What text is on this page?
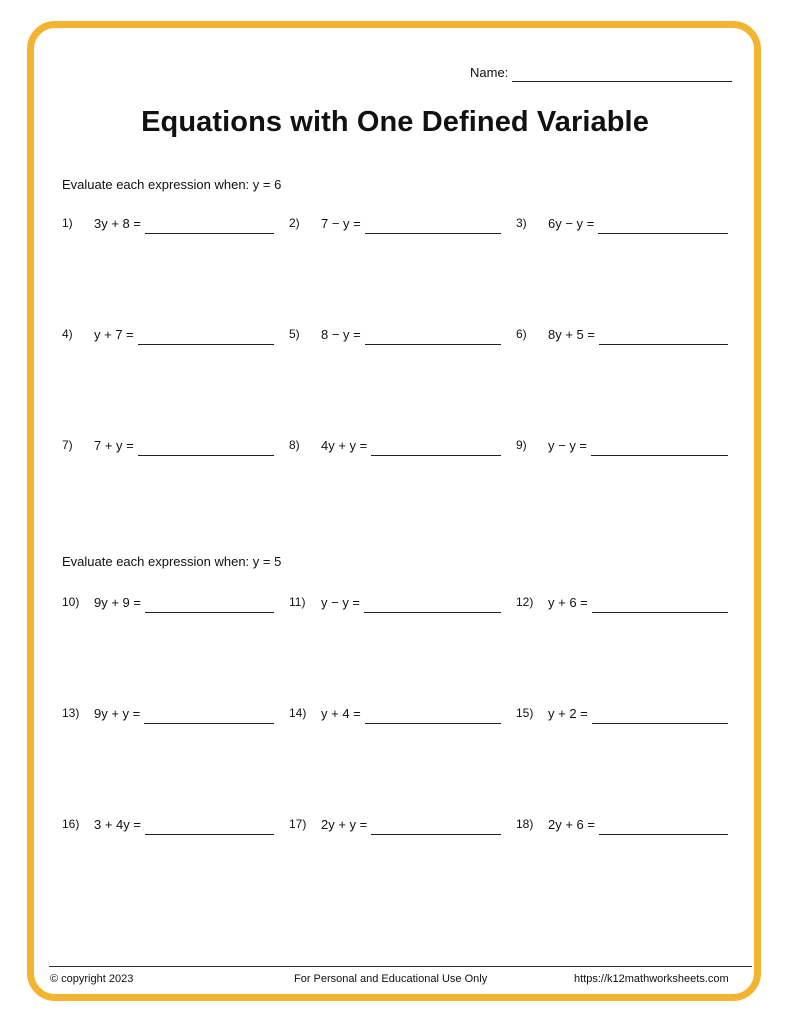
Name:
Equations with One Defined Variable
Evaluate each expression when: y = 6
1)	3y + 8 =	2)	7 − y =	3)	6y − y =
4)	y + 7 =	5)	8 − y =	6)	8y + 5 =
7)	7 + y =	8)	4y + y =	9)	y − y =
Evaluate each expression when: y = 5
10)	9y + 9 =	11)	y − y =	12)	y + 6 =
13)	9y + y =	14)	y + 4 =	15)	y + 2 =
16)	3 + 4y =	17)	2y + y =	18)	2y + 6 =
© copyright 2023	For Personal and Educational Use Only	https://k12mathworksheets.com
